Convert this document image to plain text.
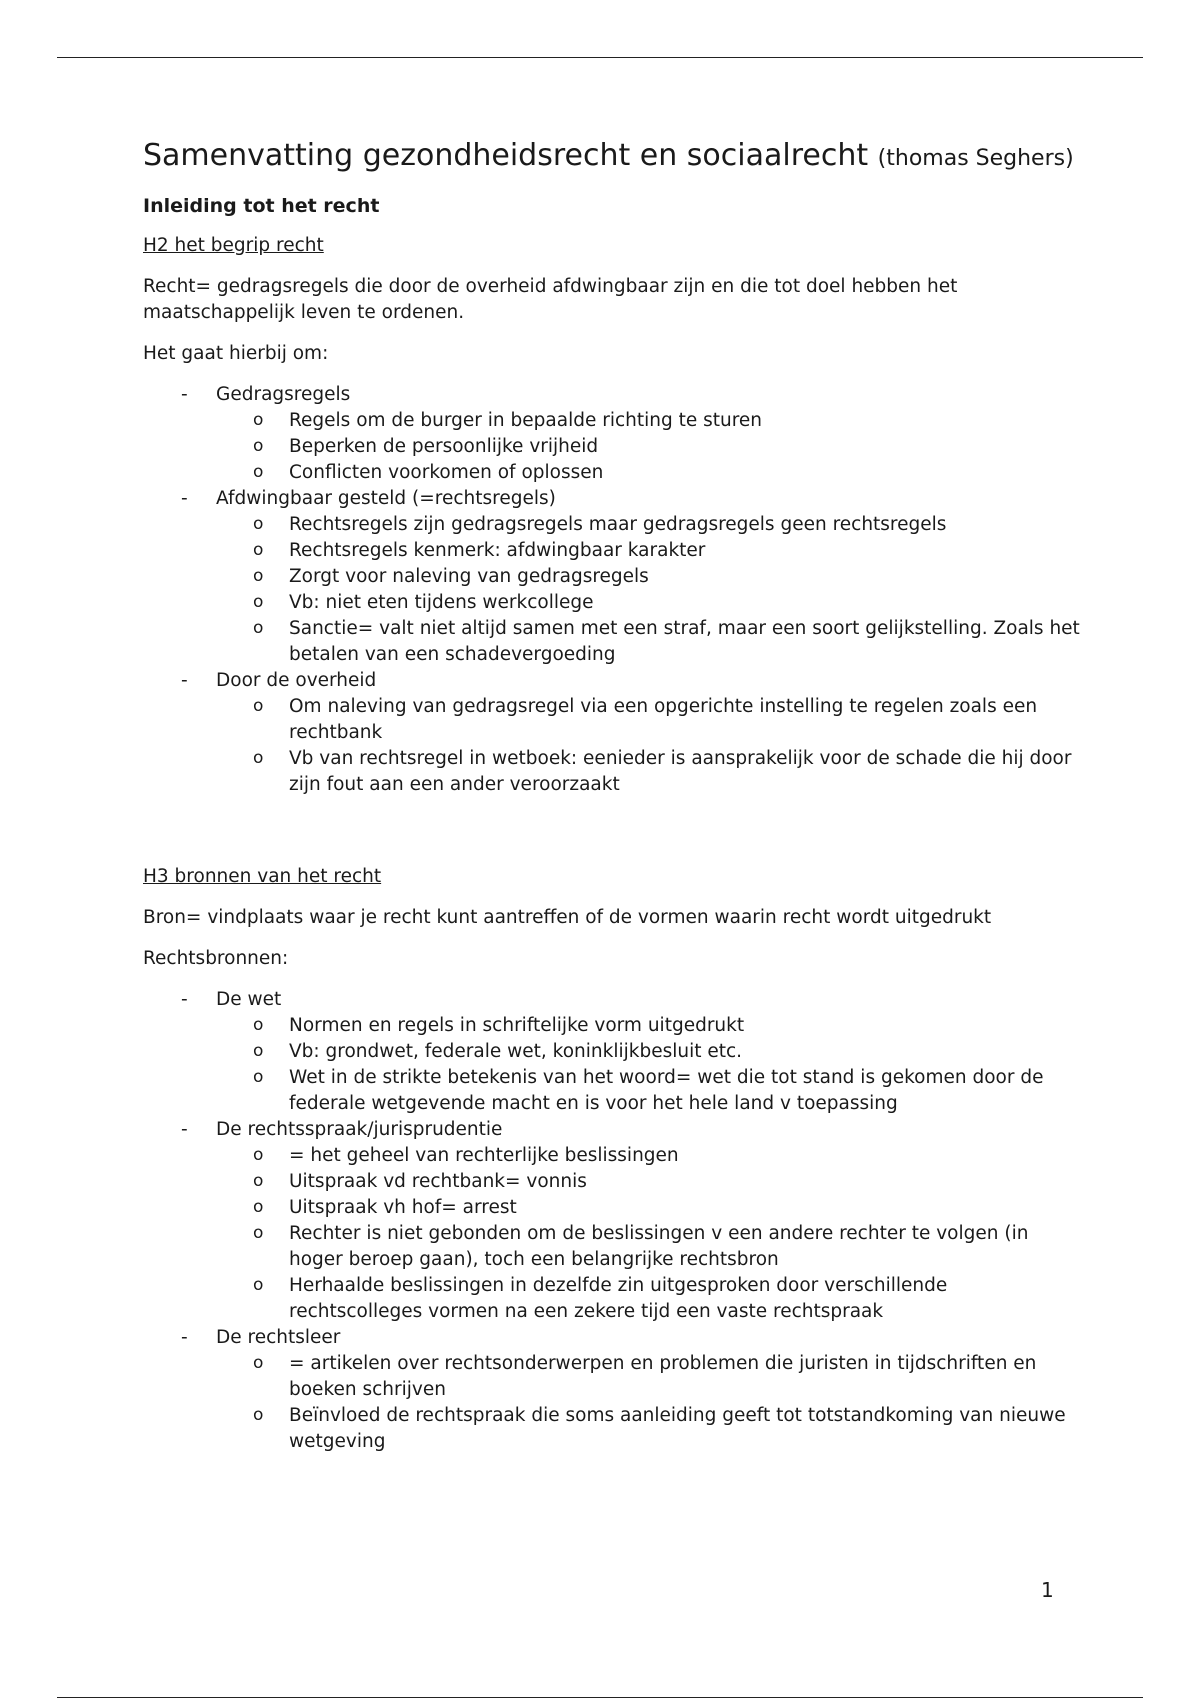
Samenvatting gezondheidsrecht en sociaalrecht (thomas Seghers)
Inleiding tot het recht
H2 het begrip recht

Recht= gedragsregels die door de overheid afdwingbaar zijn en die tot doel hebben het maatschappelijk leven te ordenen.

Het gaat hierbij om:

- Gedragsregels
o Regels om de burger in bepaalde richting te sturen
o Beperken de persoonlijke vrijheid
o Conflicten voorkomen of oplossen
- Afdwingbaar gesteld (=rechtsregels)
o Rechtsregels zijn gedragsregels maar gedragsregels geen rechtsregels
o Rechtsregels kenmerk: afdwingbaar karakter
o Zorgt voor naleving van gedragsregels
o Vb: niet eten tijdens werkcollege
o Sanctie= valt niet altijd samen met een straf, maar een soort gelijkstelling. Zoals het betalen van een schadevergoeding
- Door de overheid
o Om naleving van gedragsregel via een opgerichte instelling te regelen zoals een rechtbank
o Vb van rechtsregel in wetboek: eenieder is aansprakelijk voor de schade die hij door zijn fout aan een ander veroorzaakt
H3 bronnen van het recht

Bron= vindplaats waar je recht kunt aantreffen of de vormen waarin recht wordt uitgedrukt

Rechtsbronnen:

- De wet
o Normen en regels in schriftelijke vorm uitgedrukt
o Vb: grondwet, federale wet, koninklijkbesluit etc.
o Wet in de strikte betekenis van het woord= wet die tot stand is gekomen door de federale wetgevende macht en is voor het hele land v toepassing
- De rechtsspraak/jurisprudentie
o = het geheel van rechterlijke beslissingen
o Uitspraak vd rechtbank= vonnis
o Uitspraak vh hof= arrest
o Rechter is niet gebonden om de beslissingen v een andere rechter te volgen (in hoger beroep gaan), toch een belangrijke rechtsbron
o Herhaalde beslissingen in dezelfde zin uitgesproken door verschillende rechtscolleges vormen na een zekere tijd een vaste rechtspraak
- De rechtsleer
o = artikelen over rechtsonderwerpen en problemen die juristen in tijdschriften en boeken schrijven
o Beïnvloed de rechtspraak die soms aanleiding geeft tot totstandkoming van nieuwe wetgeving
1
